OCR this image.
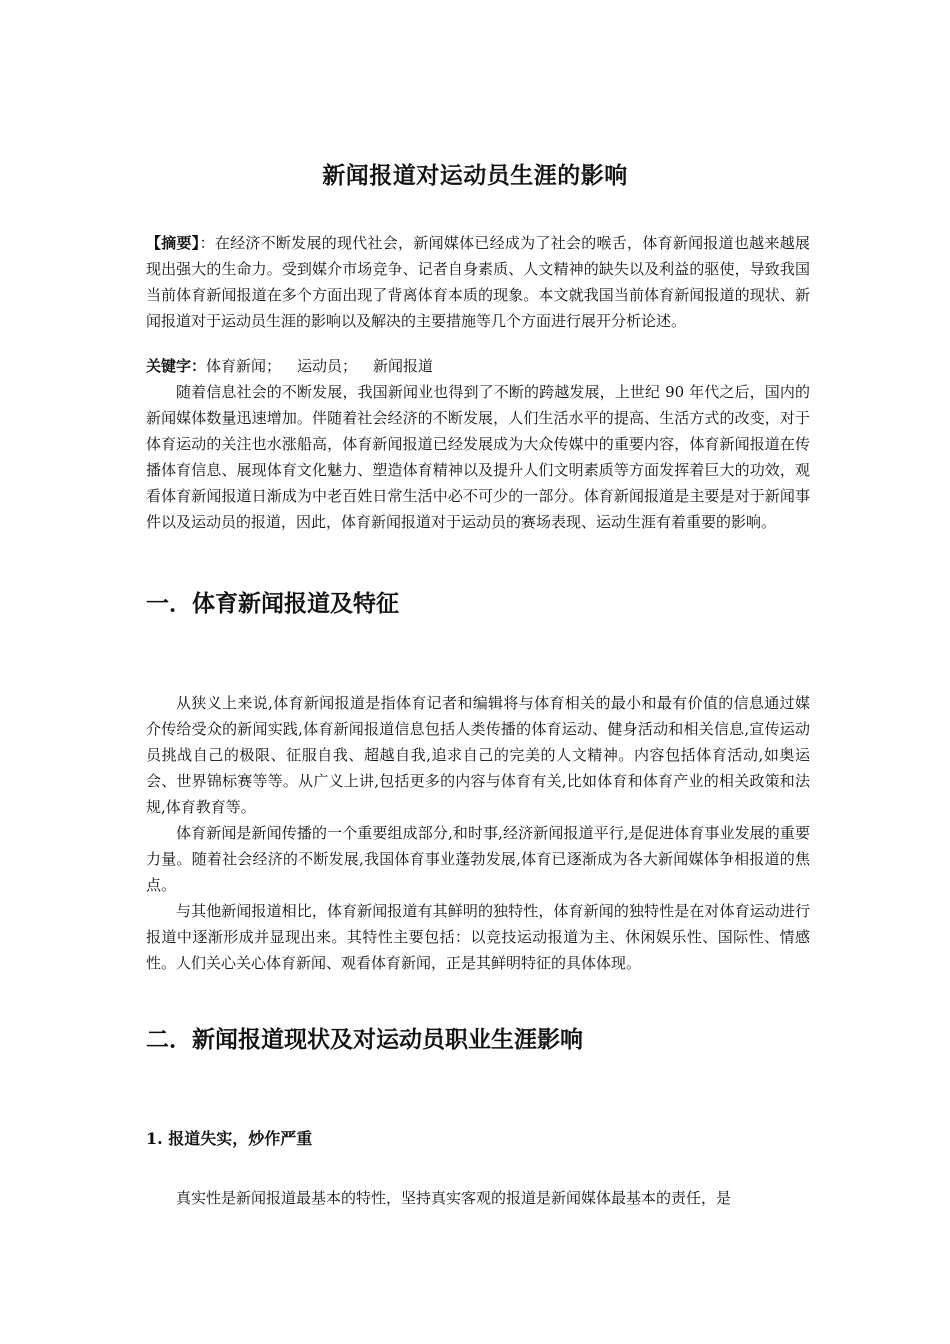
新闻报道对运动员生涯的影响
【摘要】：在经济不断发展的现代社会，新闻媒体已经成为了社会的喉舌，体育新闻报道也越来越展现出强大的生命力。受到媒介市场竞争、记者自身素质、人文精神的缺失以及利益的驱使，导致我国当前体育新闻报道在多个方面出现了背离体育本质的现象。本文就我国当前体育新闻报道的现状、新闻报道对于运动员生涯的影响以及解决的主要措施等几个方面进行展开分析论述。
关键字：体育新闻； 运动员； 新闻报道
随着信息社会的不断发展，我国新闻业也得到了不断的跨越发展，上世纪 90 年代之后，国内的新闻媒体数量迅速增加。伴随着社会经济的不断发展，人们生活水平的提高、生活方式的改变，对于体育运动的关注也水涨船高，体育新闻报道已经发展成为大众传媒中的重要内容，体育新闻报道在传播体育信息、展现体育文化魅力、塑造体育精神以及提升人们文明素质等方面发挥着巨大的功效，观看体育新闻报道日渐成为中老百姓日常生活中必不可少的一部分。体育新闻报道是主要是对于新闻事件以及运动员的报道，因此，体育新闻报道对于运动员的赛场表现、运动生涯有着重要的影响。
一．体育新闻报道及特征
从狭义上来说,体育新闻报道是指体育记者和编辑将与体育相关的最小和最有价值的信息通过媒介传给受众的新闻实践,体育新闻报道信息包括人类传播的体育运动、健身活动和相关信息,宣传运动员挑战自己的极限、征服自我、超越自我,追求自己的完美的人文精神。内容包括体育活动,如奥运会、世界锦标赛等等。从广义上讲,包括更多的内容与体育有关,比如体育和体育产业的相关政策和法规,体育教育等。
体育新闻是新闻传播的一个重要组成部分,和时事,经济新闻报道平行,是促进体育事业发展的重要力量。随着社会经济的不断发展,我国体育事业蓬勃发展,体育已逐渐成为各大新闻媒体争相报道的焦点。
与其他新闻报道相比，体育新闻报道有其鲜明的独特性，体育新闻的独特性是在对体育运动进行报道中逐渐形成并显现出来。其特性主要包括：以竞技运动报道为主、休闲娱乐性、国际性、情感性。人们关心关心体育新闻、观看体育新闻，正是其鲜明特征的具体体现。
二．新闻报道现状及对运动员职业生涯影响
1. 报道失实，炒作严重
真实性是新闻报道最基本的特性，坚持真实客观的报道是新闻媒体最基本的责任，是
